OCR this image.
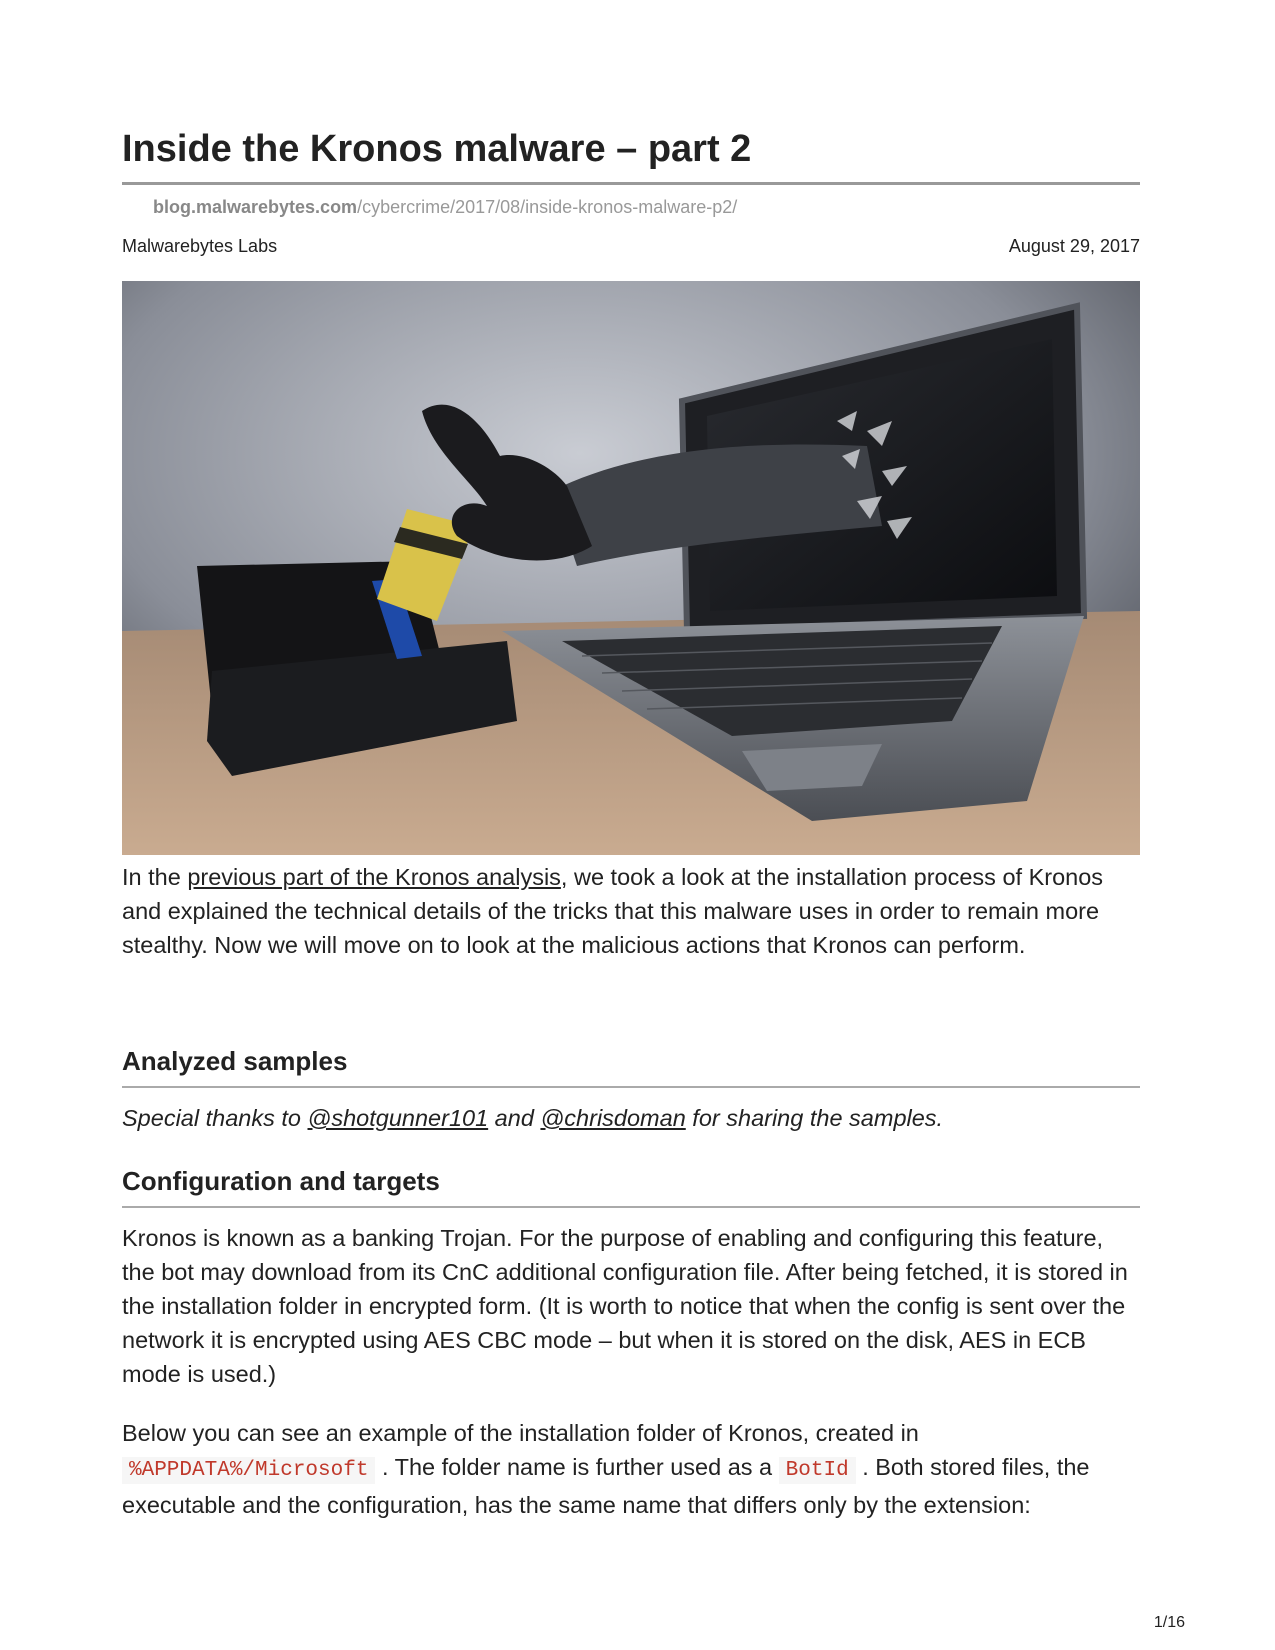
Inside the Kronos malware – part 2
blog.malwarebytes.com/cybercrime/2017/08/inside-kronos-malware-p2/
Malwarebytes Labs	August 29, 2017

In the previous part of the Kronos analysis, we took a look at the installation process of Kronos and explained the technical details of the tricks that this malware uses in order to remain more stealthy. Now we will move on to look at the malicious actions that Kronos can perform.

Analyzed samples

Special thanks to @shotgunner101 and @chrisdoman for sharing the samples.

Configuration and targets

Kronos is known as a banking Trojan. For the purpose of enabling and configuring this feature, the bot may download from its CnC additional configuration file. After being fetched, it is stored in the installation folder in encrypted form. (It is worth to notice that when the config is sent over the network it is encrypted using AES CBC mode – but when it is stored on the disk, AES in ECB mode is used.)

Below you can see an example of the installation folder of Kronos, created in %APPDATA%/Microsoft . The folder name is further used as a BotId . Both stored files, the executable and the configuration, has the same name that differs only by the extension:

1/16
